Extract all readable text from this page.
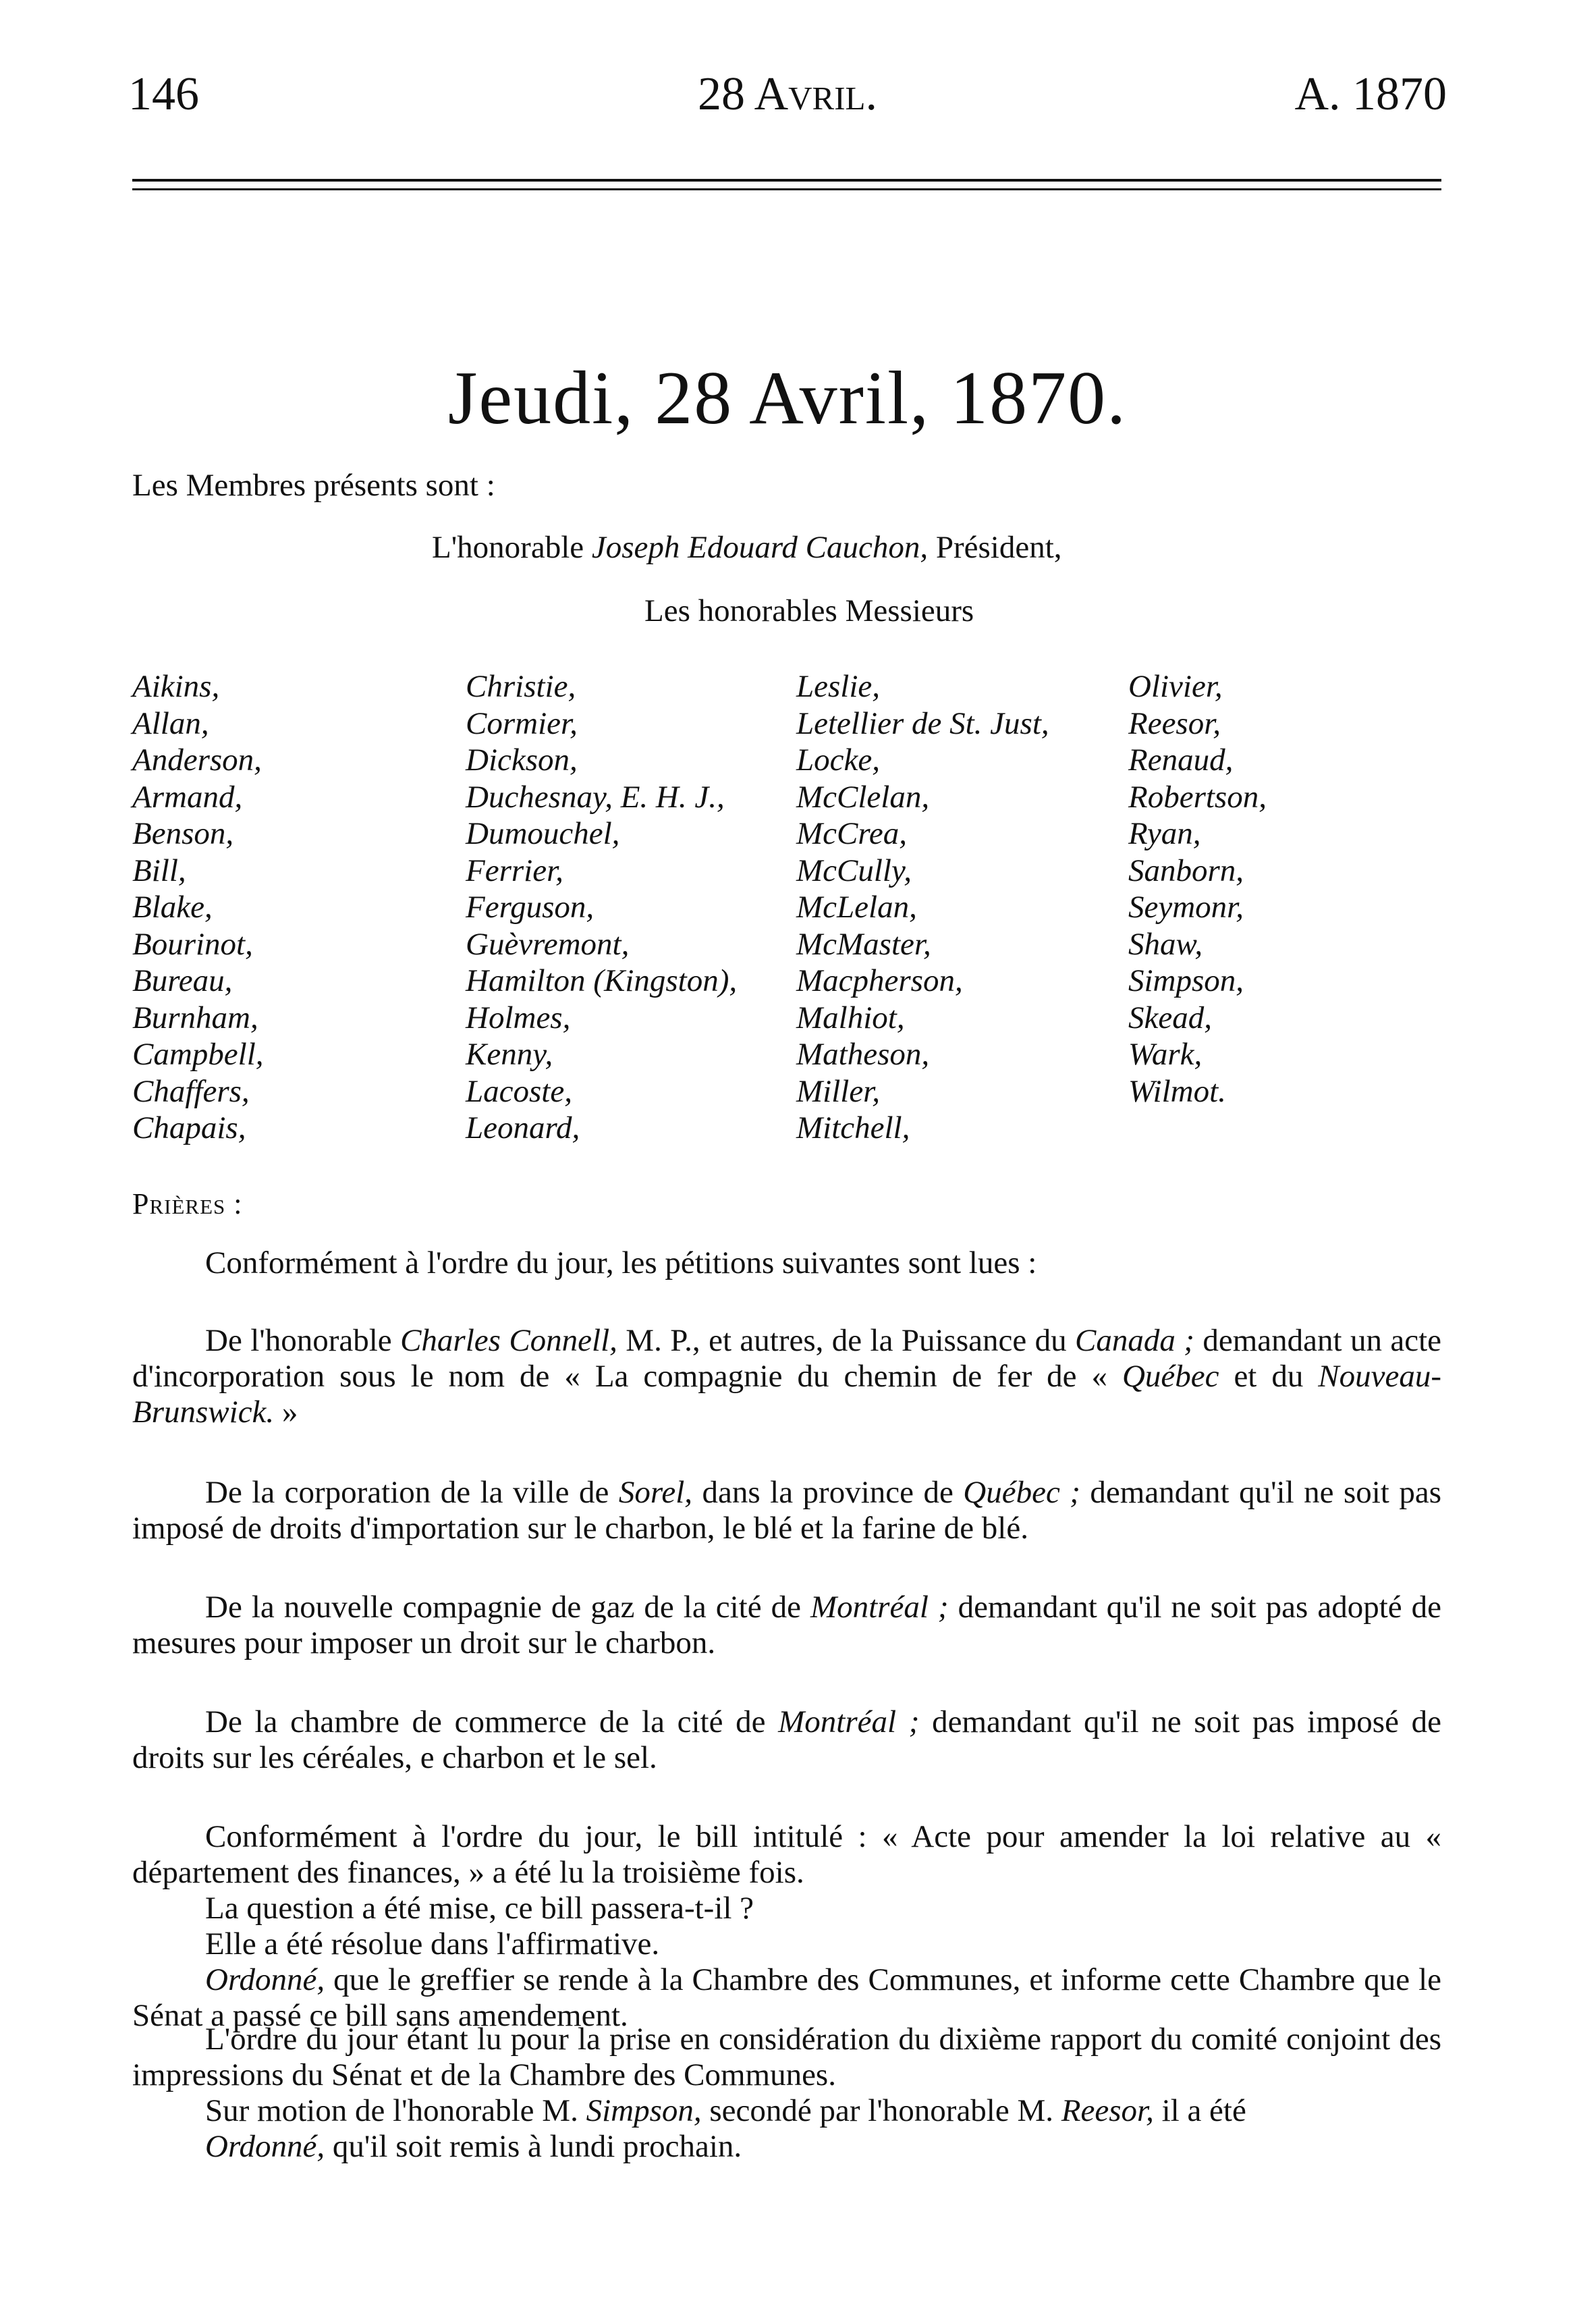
146	28 Avril.	A. 1870
Jeudi, 28 Avril, 1870.
Les Membres présents sont :
L'honorable Joseph Edouard Cauchon, Président,
Les honorables Messieurs
Aikins,
Allan,
Anderson,
Armand,
Benson,
Bill,
Blake,
Bourinot,
Bureau,
Burnham,
Campbell,
Chaffers,
Chapais,
Christie,
Cormier,
Dickson,
Duchesnay, E. H. J.,
Dumouchel,
Ferrier,
Ferguson,
Guèvremont,
Hamilton (Kingston),
Holmes,
Kenny,
Lacoste,
Leonard,
Leslie,
Letellier de St. Just,
Locke,
McClelan,
McCrea,
McCully,
McLelan,
McMaster,
Macpherson,
Malhiot,
Matheson,
Miller,
Mitchell,
Olivier,
Reesor,
Renaud,
Robertson,
Ryan,
Sanborn,
Seymonr,
Shaw,
Simpson,
Skead,
Wark,
Wilmot.
Prières :
Conformément à l'ordre du jour, les pétitions suivantes sont lues :
De l'honorable Charles Connell, M. P., et autres, de la Puissance du Canada ; demandant un acte d'incorporation sous le nom de « La compagnie du chemin de fer de « Québec et du Nouveau-Brunswick. »
De la corporation de la ville de Sorel, dans la province de Québec ; demandant qu'il ne soit pas imposé de droits d'importation sur le charbon, le blé et la farine de blé.
De la nouvelle compagnie de gaz de la cité de Montréal ; demandant qu'il ne soit pas adopté de mesures pour imposer un droit sur le charbon.
De la chambre de commerce de la cité de Montréal ; demandant qu'il ne soit pas imposé de droits sur les céréales, e charbon et le sel.
Conformément à l'ordre du jour, le bill intitulé : « Acte pour amender la loi relative au « département des finances, » a été lu la troisième fois.
La question a été mise, ce bill passera-t-il ?
Elle a été résolue dans l'affirmative.
Ordonné, que le greffier se rende à la Chambre des Communes, et informe cette Chambre que le Sénat a passé ce bill sans amendement.
L'ordre du jour étant lu pour la prise en considération du dixième rapport du comité conjoint des impressions du Sénat et de la Chambre des Communes.
Sur motion de l'honorable M. Simpson, secondé par l'honorable M. Reesor, il a été
Ordonné, qu'il soit remis à lundi prochain.
